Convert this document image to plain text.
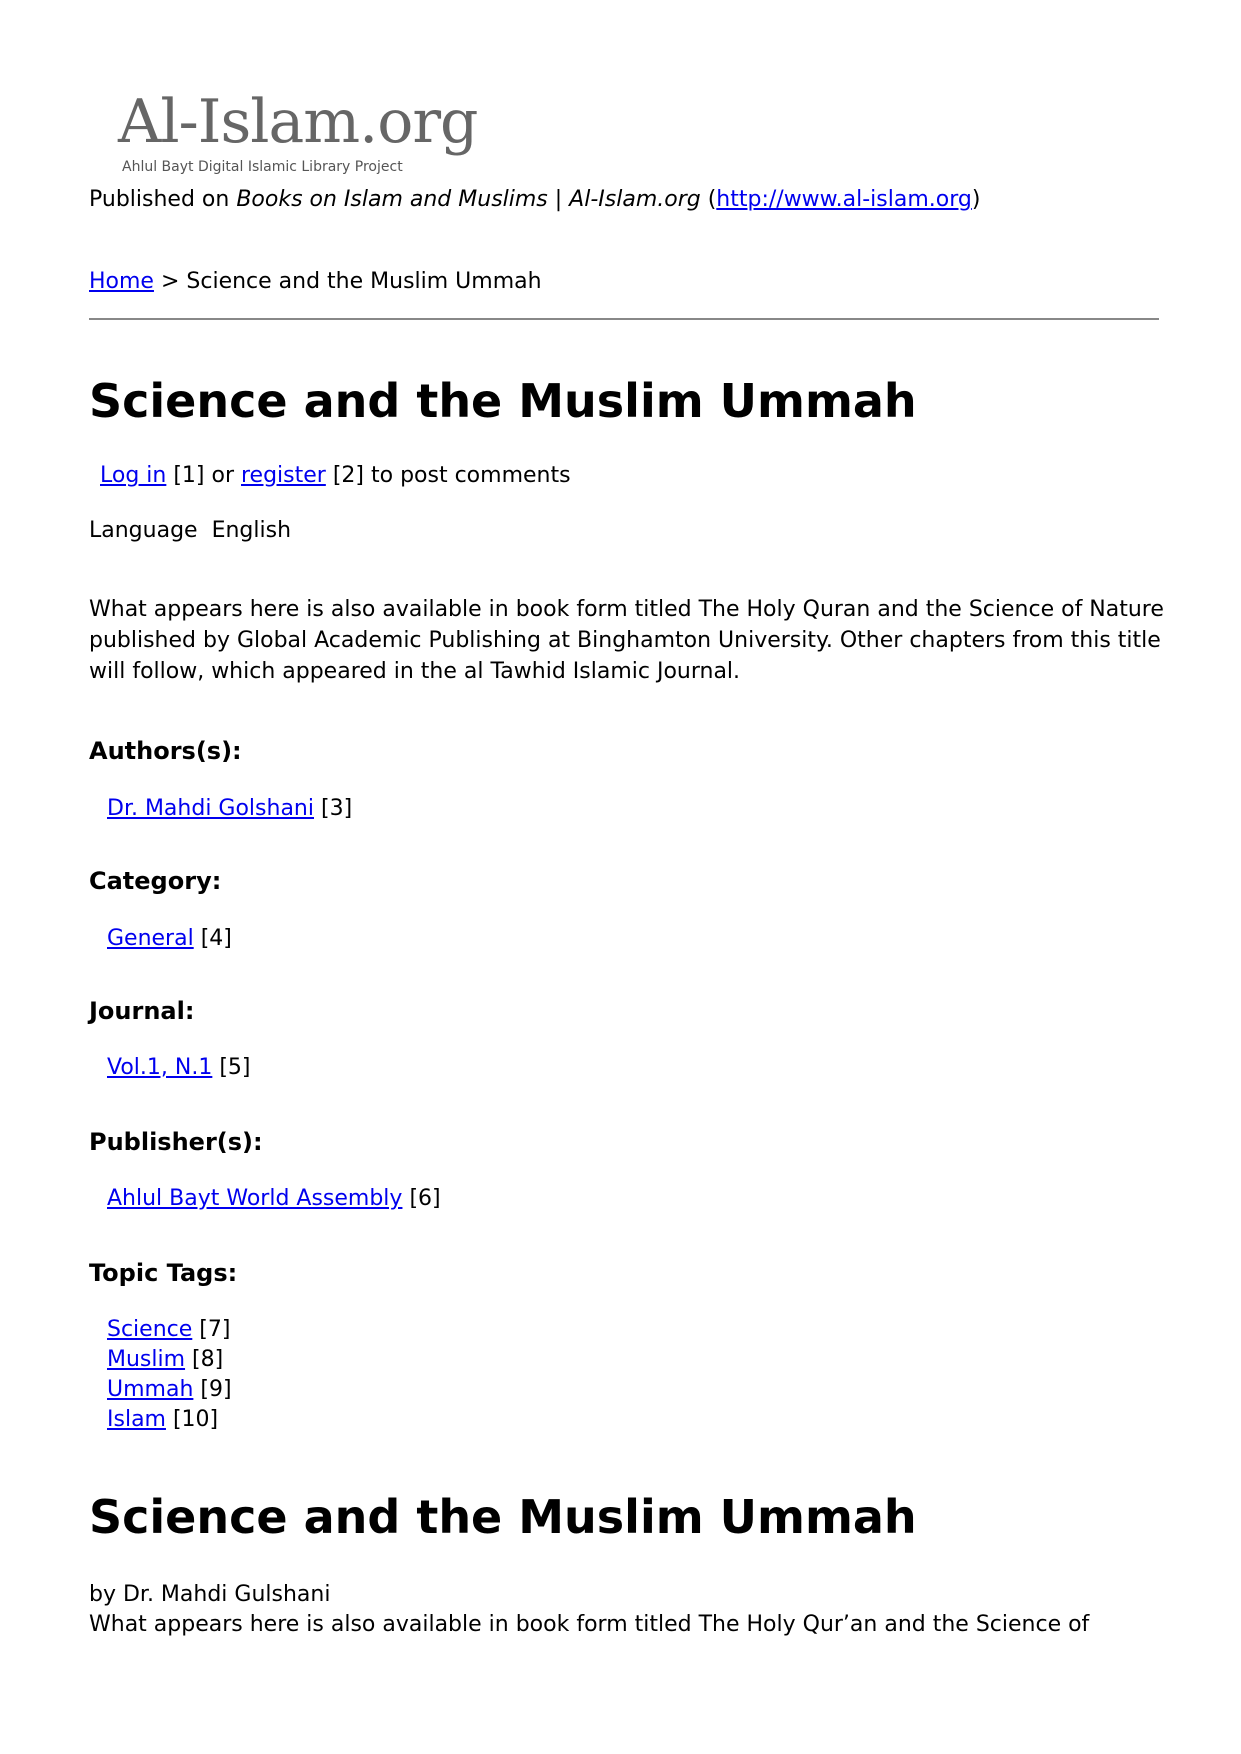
Al-Islam.org
Ahlul Bayt Digital Islamic Library Project
Published on Books on Islam and Muslims | Al-Islam.org (http://www.al-islam.org)
Home > Science and the Muslim Ummah
Science and the Muslim Ummah
Log in [1] or register [2] to post comments
Language English

What appears here is also available in book form titled The Holy Quran and the Science of Nature published by Global Academic Publishing at Binghamton University. Other chapters from this title will follow, which appeared in the al Tawhid Islamic Journal.

Authors(s):
Dr. Mahdi Golshani [3]
Category:
General [4]
Journal:
Vol.1, N.1 [5]
Publisher(s):
Ahlul Bayt World Assembly [6]
Topic Tags:
Science [7]
Muslim [8]
Ummah [9]
Islam [10]
Science and the Muslim Ummah
by Dr. Mahdi Gulshani
What appears here is also available in book form titled The Holy Qur’an and the Science of
